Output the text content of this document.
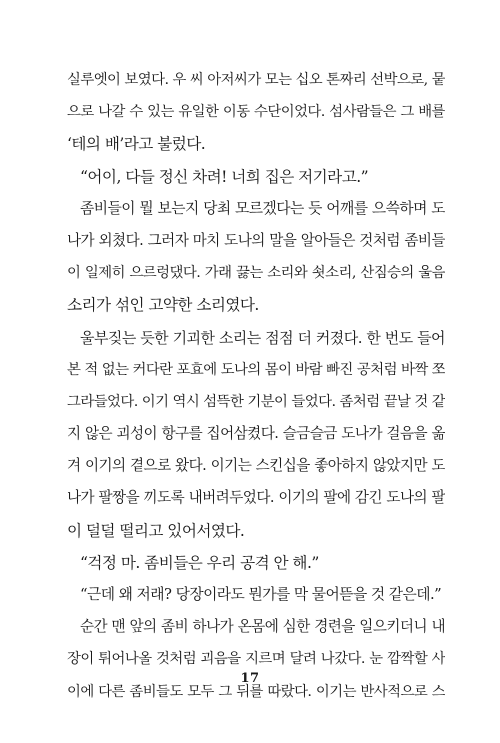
실루엣이 보였다. 우 씨 아저씨가 모는 십오 톤짜리 선박으로, 뭍
으로 나갈 수 있는 유일한 이동 수단이었다. 섬사람들은 그 배를
‘테의 배’라고 불렀다.
“어이, 다들 정신 차려! 너희 집은 저기라고.”
좀비들이 뭘 보는지 당최 모르겠다는 듯 어깨를 으쓱하며 도
나가 외쳤다. 그러자 마치 도나의 말을 알아들은 것처럼 좀비들
이 일제히 으르렁댔다. 가래 끓는 소리와 쇳소리, 산짐승의 울음
소리가 섞인 고약한 소리였다.
울부짖는 듯한 기괴한 소리는 점점 더 커졌다. 한 번도 들어
본 적 없는 커다란 포효에 도나의 몸이 바람 빠진 공처럼 바짝 쪼
그라들었다. 이기 역시 섬뜩한 기분이 들었다. 좀처럼 끝날 것 같
지 않은 괴성이 항구를 집어삼켰다. 슬금슬금 도나가 걸음을 옮
겨 이기의 곁으로 왔다. 이기는 스킨십을 좋아하지 않았지만 도
나가 팔짱을 끼도록 내버려두었다. 이기의 팔에 감긴 도나의 팔
이 덜덜 떨리고 있어서였다.
“걱정 마. 좀비들은 우리 공격 안 해.”
“근데 왜 저래? 당장이라도 뭔가를 막 물어뜯을 것 같은데.”
순간 맨 앞의 좀비 하나가 온몸에 심한 경련을 일으키더니 내
장이 튀어나올 것처럼 괴음을 지르며 달려 나갔다. 눈 깜짝할 사
이에 다른 좀비들도 모두 그 뒤를 따랐다. 이기는 반사적으로 스
17
